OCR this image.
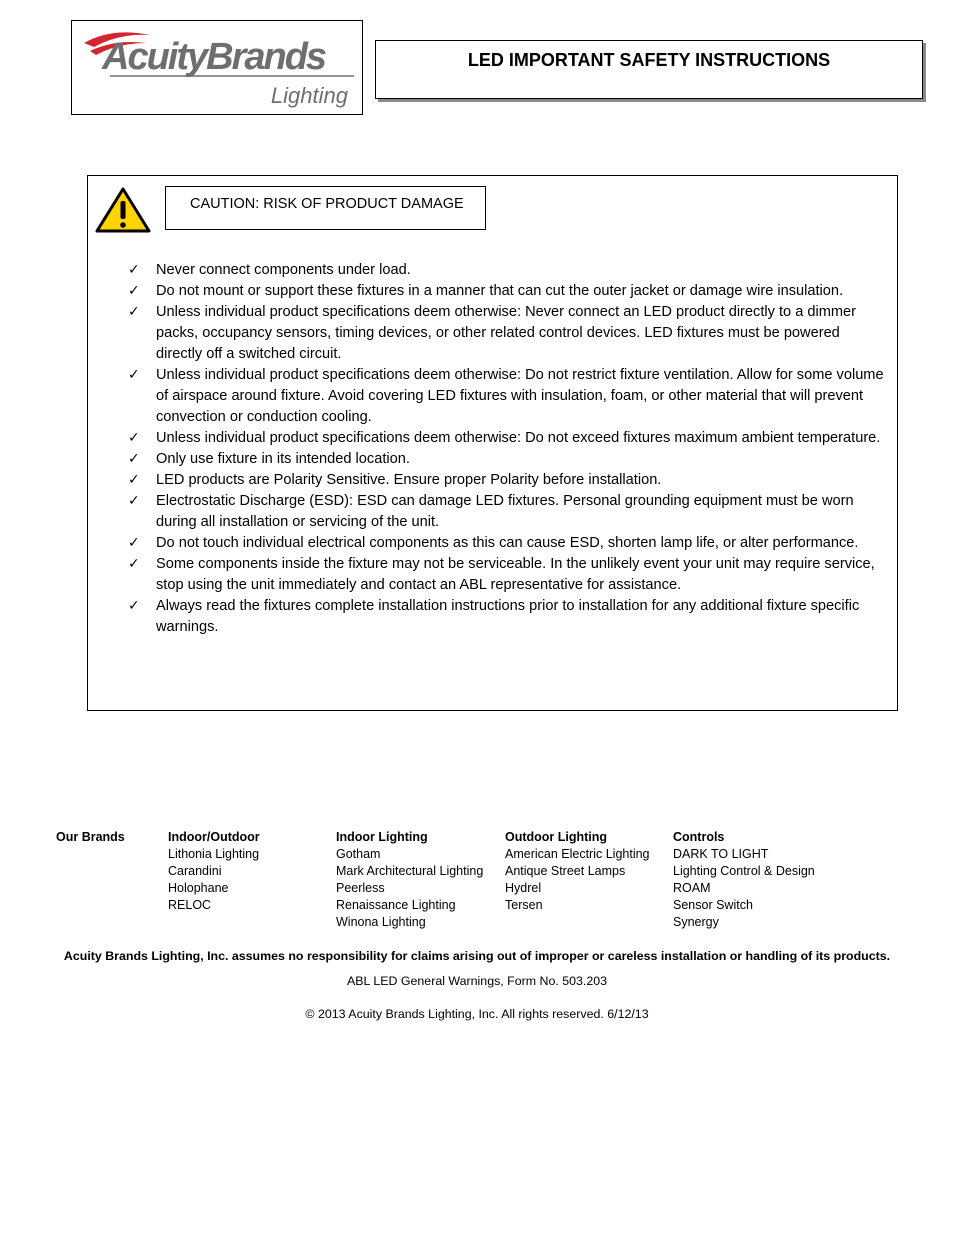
AcuityBrands
Lighting
LED IMPORTANT SAFETY INSTRUCTIONS
CAUTION: RISK OF PRODUCT DAMAGE
✓ Never connect components under load.
✓ Do not mount or support these fixtures in a manner that can cut the outer jacket or damage wire insulation.
✓ Unless individual product specifications deem otherwise: Never connect an LED product directly to a dimmer packs, occupancy sensors, timing devices, or other related control devices. LED fixtures must be powered directly off a switched circuit.
✓ Unless individual product specifications deem otherwise: Do not restrict fixture ventilation. Allow for some volume of airspace around fixture. Avoid covering LED fixtures with insulation, foam, or other material that will prevent convection or conduction cooling.
✓ Unless individual product specifications deem otherwise: Do not exceed fixtures maximum ambient temperature.
✓ Only use fixture in its intended location.
✓ LED products are Polarity Sensitive. Ensure proper Polarity before installation.
✓ Electrostatic Discharge (ESD): ESD can damage LED fixtures. Personal grounding equipment must be worn during all installation or servicing of the unit.
✓ Do not touch individual electrical components as this can cause ESD, shorten lamp life, or alter performance.
✓ Some components inside the fixture may not be serviceable. In the unlikely event your unit may require service, stop using the unit immediately and contact an ABL representative for assistance.
✓ Always read the fixtures complete installation instructions prior to installation for any additional fixture specific warnings.
Our Brands	Indoor/Outdoor
Lithonia Lighting
Carandini
Holophane
RELOC
Indoor Lighting
Gotham
Mark Architectural Lighting
Peerless
Renaissance Lighting
Winona Lighting
Outdoor Lighting
American Electric Lighting
Antique Street Lamps
Hydrel
Tersen
Controls
DARK TO LIGHT
Lighting Control & Design
ROAM
Sensor Switch
Synergy
Acuity Brands Lighting, Inc. assumes no responsibility for claims arising out of improper or careless installation or handling of its products.
ABL LED General Warnings, Form No. 503.203
© 2013 Acuity Brands Lighting, Inc. All rights reserved. 6/12/13
